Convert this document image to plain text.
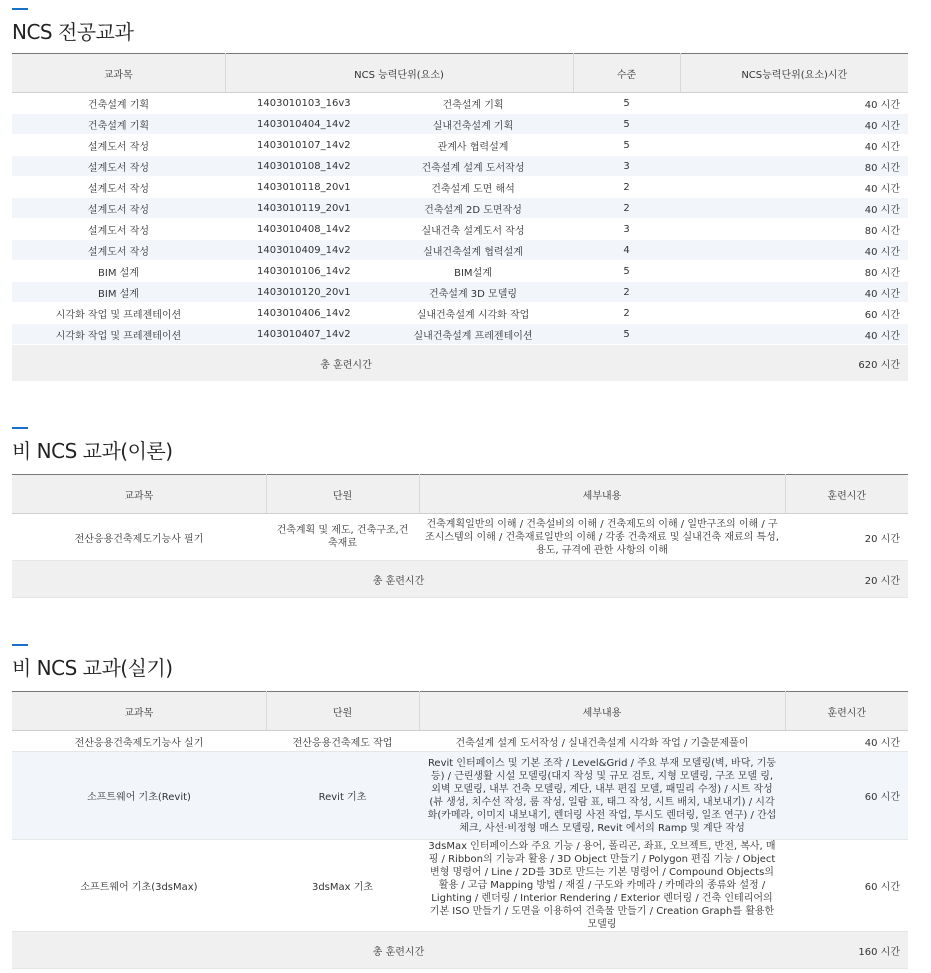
NCS 전공교과
교과목	NCS 능력단위(요소)		수준	NCS능력단위(요소)시간
건축설계 기획	1403010103_16v3	건축설계 기획	5	40 시간
건축설계 기획	1403010404_14v2	실내건축설계 기획	5	40 시간
설계도서 작성	1403010107_14v2	관계사 협력설계	5	40 시간
설계도서 작성	1403010108_14v2	건축설계 설계 도서작성	3	80 시간
설계도서 작성	1403010118_20v1	건축설계 도면 해석	2	40 시간
설계도서 작성	1403010119_20v1	건축설계 2D 도면작성	2	40 시간
설계도서 작성	1403010408_14v2	실내건축 설계도서 작성	3	80 시간
설계도서 작성	1403010409_14v2	실내건축설계 협력설계	4	40 시간
BIM 설계	1403010106_14v2	BIM설계	5	80 시간
BIM 설계	1403010120_20v1	건축설계 3D 모델링	2	40 시간
시각화 작업 및 프레젠테이션	1403010406_14v2	실내건축설계 시각화 작업	2	60 시간
시각화 작업 및 프레젠테이션	1403010407_14v2	실내건축설계 프레젠테이션	5	40 시간
총 훈련시간				620 시간
비 NCS 교과(이론)
교과목	단원	세부내용	훈련시간
전산응용건축제도기능사 필기	건축계획 및 제도, 건축구조,건축재료	건축계획일반의 이해 / 건축설비의 이해 / 건축제도의 이해 / 일반구조의 이해 / 구조시스템의 이해 / 건축재료일반의 이해 / 각종 건축재료 및 실내건축 재료의 특성, 용도, 규격에 관한 사항의 이해	20 시간
총 훈련시간			20 시간
비 NCS 교과(실기)
교과목	단원	세부내용	훈련시간
전산응용건축제도기능사 실기	전산응용건축제도 작업	건축설계 설계 도서작성 / 실내건축설계 시각화 작업 / 기출문제풀이	40 시간
소프트웨어 기초(Revit)	Revit 기초	Revit 인터페이스 및 기본 조작 / Level&Grid / 주요 부재 모델링(벽, 바닥, 기둥 등) / 근린생활 시설 모델링(대지 작성 및 규모 검토, 지형 모델링, 구조 모델 링, 외벽 모델링, 내부 건축 모델링, 계단, 내부 편집 모델, 패밀리 수정) / 시트 작성(뷰 생성, 치수선 작성, 룸 작성, 일람 표, 태그 작성, 시트 배치, 내보내기) / 시각화(카메라, 이미지 내보내기, 렌더링 사전 작업, 투시도 렌더링, 일조 연구) / 간섭 체크, 사선·비정형 매스 모델링, Revit 에서의 Ramp 및 계단 작성	60 시간
소프트웨어 기초(3dsMax)	3dsMax 기초	3dsMax 인터페이스와 주요 기능 / 용어, 폴리곤, 좌표, 오브젝트, 반전, 복사, 매핑 / Ribbon의 기능과 활용 / 3D Object 만들기 / Polygon 편집 기능 / Object 변형 명령어 / Line / 2D를 3D로 만드는 기본 명령어 / Compound Objects의 활용 / 고급 Mapping 방법 / 재질 / 구도와 카메라 / 카메라의 종류와 설정 / Lighting / 렌더링 / Interior Rendering / Exterior 렌더링 / 건축 인테리어의 기본 ISO 만들기 / 도면을 이용하여 건축물 만들기 / Creation Graph를 활용한 모델링	60 시간
총 훈련시간			160 시간
